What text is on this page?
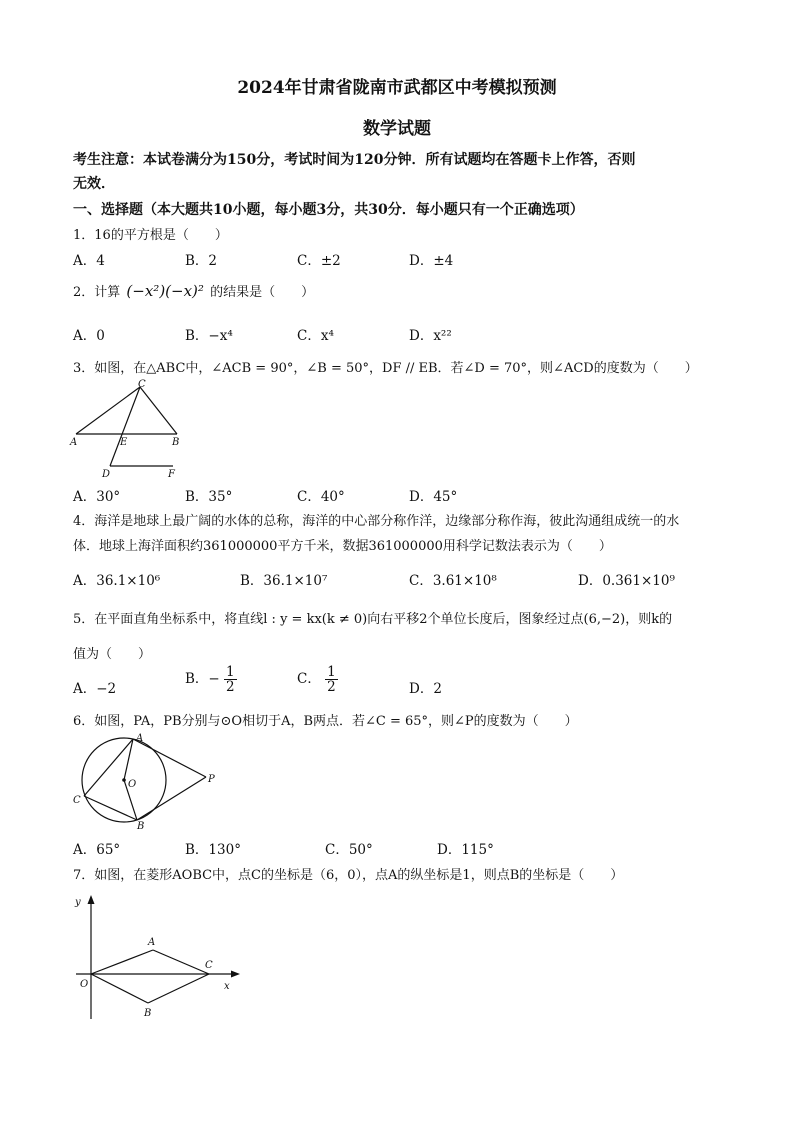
2024年甘肃省陇南市武都区中考模拟预测
数学试题
考生注意：本试卷满分为150分，考试时间为120分钟．所有试题均在答题卡上作答，否则
无效．
一、选择题（本大题共10小题，每小题3分，共30分．每小题只有一个正确选项）
1．16的平方根是（　　）
A．4	B．2	C．±2	D．±4
2．计算 (−x²)(−x)² 的结果是（　　）
A．0	B．−x⁴	C．x⁴	D．x²²
3．如图，在△ABC中，∠ACB = 90°，∠B = 50°，DF // EB．若∠D = 70°，则∠ACD的度数为（　　）
C
A	E	B
D	F
A．30°	B．35°	C．40°	D．45°
4．海洋是地球上最广阔的水体的总称，海洋的中心部分称作洋，边缘部分称作海，彼此沟通组成统一的水
体．地球上海洋面积约361000000平方千米，数据361000000用科学记数法表示为（　　）
A．36.1×10⁶	B．36.1×10⁷	C．3.61×10⁸	D．0.361×10⁹
5．在平面直角坐标系中，将直线l : y = kx(k ≠ 0)向右平移2个单位长度后，图象经过点(6,−2)，则k的
值为（　　）
A．−2
B．− $\frac{1}{2}$	C． $\frac{1}{2}$	D．2
6．如图，PA，PB分别与⊙O相切于A，B两点．若∠C = 65°，则∠P的度数为（　　）
A
O	P
C
B
A．65°	B．130°	C．50°	D．115°
7．如图，在菱形AOBC中，点C的坐标是（6，0），点A的纵坐标是1，则点B的坐标是（　　）
y
A
O
C
x
B
